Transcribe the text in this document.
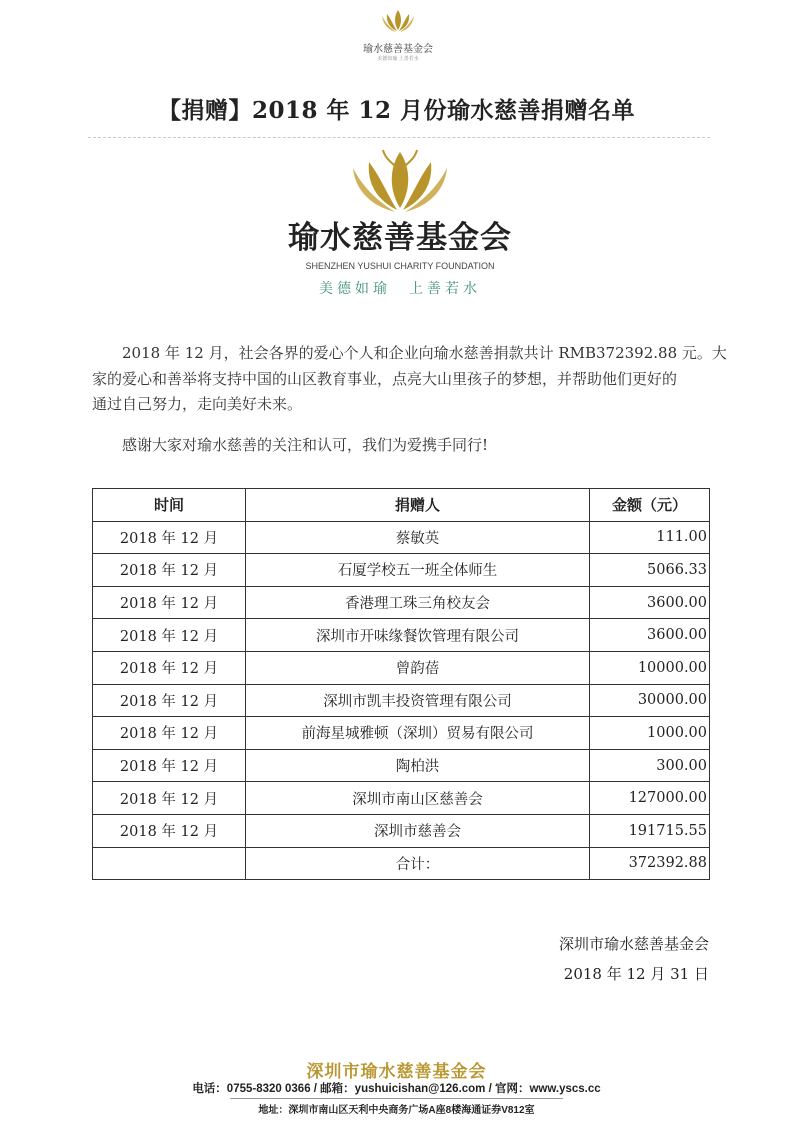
瑜水慈善基金会
美德如瑜 上善若水
【捐赠】2018 年 12 月份瑜水慈善捐赠名单
瑜水慈善基金会
SHENZHEN YUSHUI CHARITY FOUNDATION
美德如瑜　上善若水
2018 年 12 月，社会各界的爱心个人和企业向瑜水慈善捐款共计 RMB372392.88 元。大
家的爱心和善举将支持中国的山区教育事业，点亮大山里孩子的梦想，并帮助他们更好的
通过自己努力，走向美好未来。
感谢大家对瑜水慈善的关注和认可，我们为爱携手同行!
时间	捐赠人	金额（元）
2018 年 12 月	蔡敏英	111.00
2018 年 12 月	石厦学校五一班全体师生	5066.33
2018 年 12 月	香港理工珠三角校友会	3600.00
2018 年 12 月	深圳市开味缘餐饮管理有限公司	3600.00
2018 年 12 月	曾韵蓓	10000.00
2018 年 12 月	深圳市凯丰投资管理有限公司	30000.00
2018 年 12 月	前海星城雅顿（深圳）贸易有限公司	1000.00
2018 年 12 月	陶柏洪	300.00
2018 年 12 月	深圳市南山区慈善会	127000.00
2018 年 12 月	深圳市慈善会	191715.55
	合计：	372392.88
深圳市瑜水慈善基金会
2018 年 12 月 31 日
深圳市瑜水慈善基金会
电话：0755-8320 0366 / 邮箱：yushuicishan@126.com / 官网：www.yscs.cc
地址：深圳市南山区天利中央商务广场A座8楼海通证券V812室
